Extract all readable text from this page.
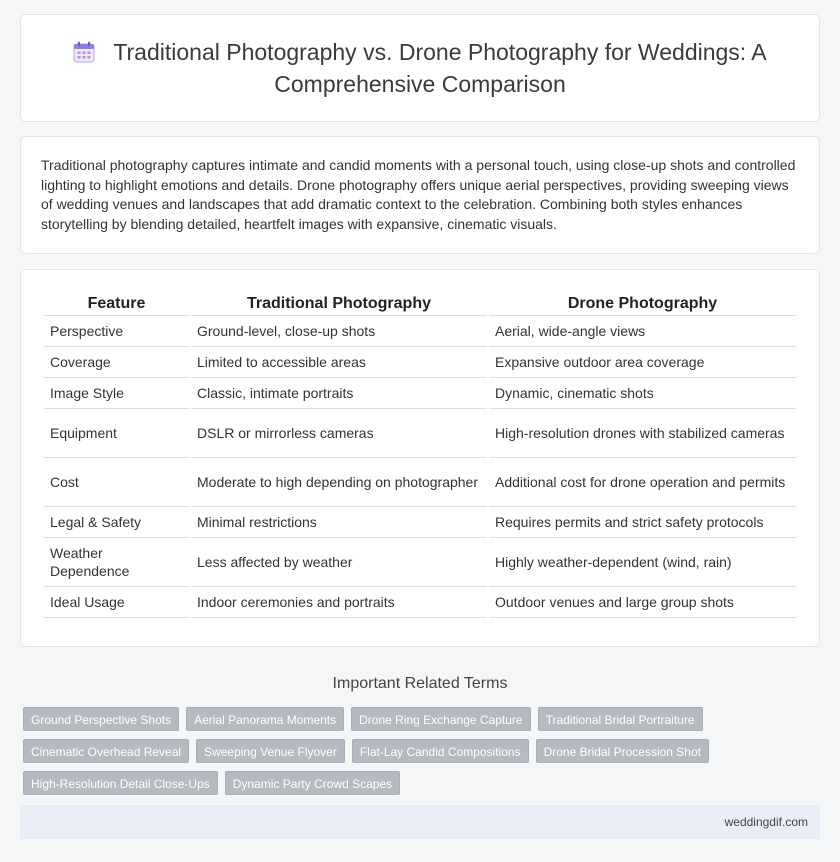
Traditional Photography vs. Drone Photography for Weddings: A Comprehensive Comparison

Traditional photography captures intimate and candid moments with a personal touch, using close-up shots and controlled lighting to highlight emotions and details. Drone photography offers unique aerial perspectives, providing sweeping views of wedding venues and landscapes that add dramatic context to the celebration. Combining both styles enhances storytelling by blending detailed, heartfelt images with expansive, cinematic visuals.

Feature	Traditional Photography	Drone Photography
Perspective	Ground-level, close-up shots	Aerial, wide-angle views
Coverage	Limited to accessible areas	Expansive outdoor area coverage
Image Style	Classic, intimate portraits	Dynamic, cinematic shots
Equipment	DSLR or mirrorless cameras	High-resolution drones with stabilized cameras
Cost	Moderate to high depending on photographer	Additional cost for drone operation and permits
Legal & Safety	Minimal restrictions	Requires permits and strict safety protocols
Weather Dependence	Less affected by weather	Highly weather-dependent (wind, rain)
Ideal Usage	Indoor ceremonies and portraits	Outdoor venues and large group shots
Important Related Terms
Ground Perspective Shots	Aerial Panorama Moments	Drone Ring Exchange Capture	Traditional Bridal Portraiture
Cinematic Overhead Reveal	Sweeping Venue Flyover	Flat-Lay Candid Compositions	Drone Bridal Procession Shot
High-Resolution Detail Close-Ups	Dynamic Party Crowd Scapes
weddingdif.com
